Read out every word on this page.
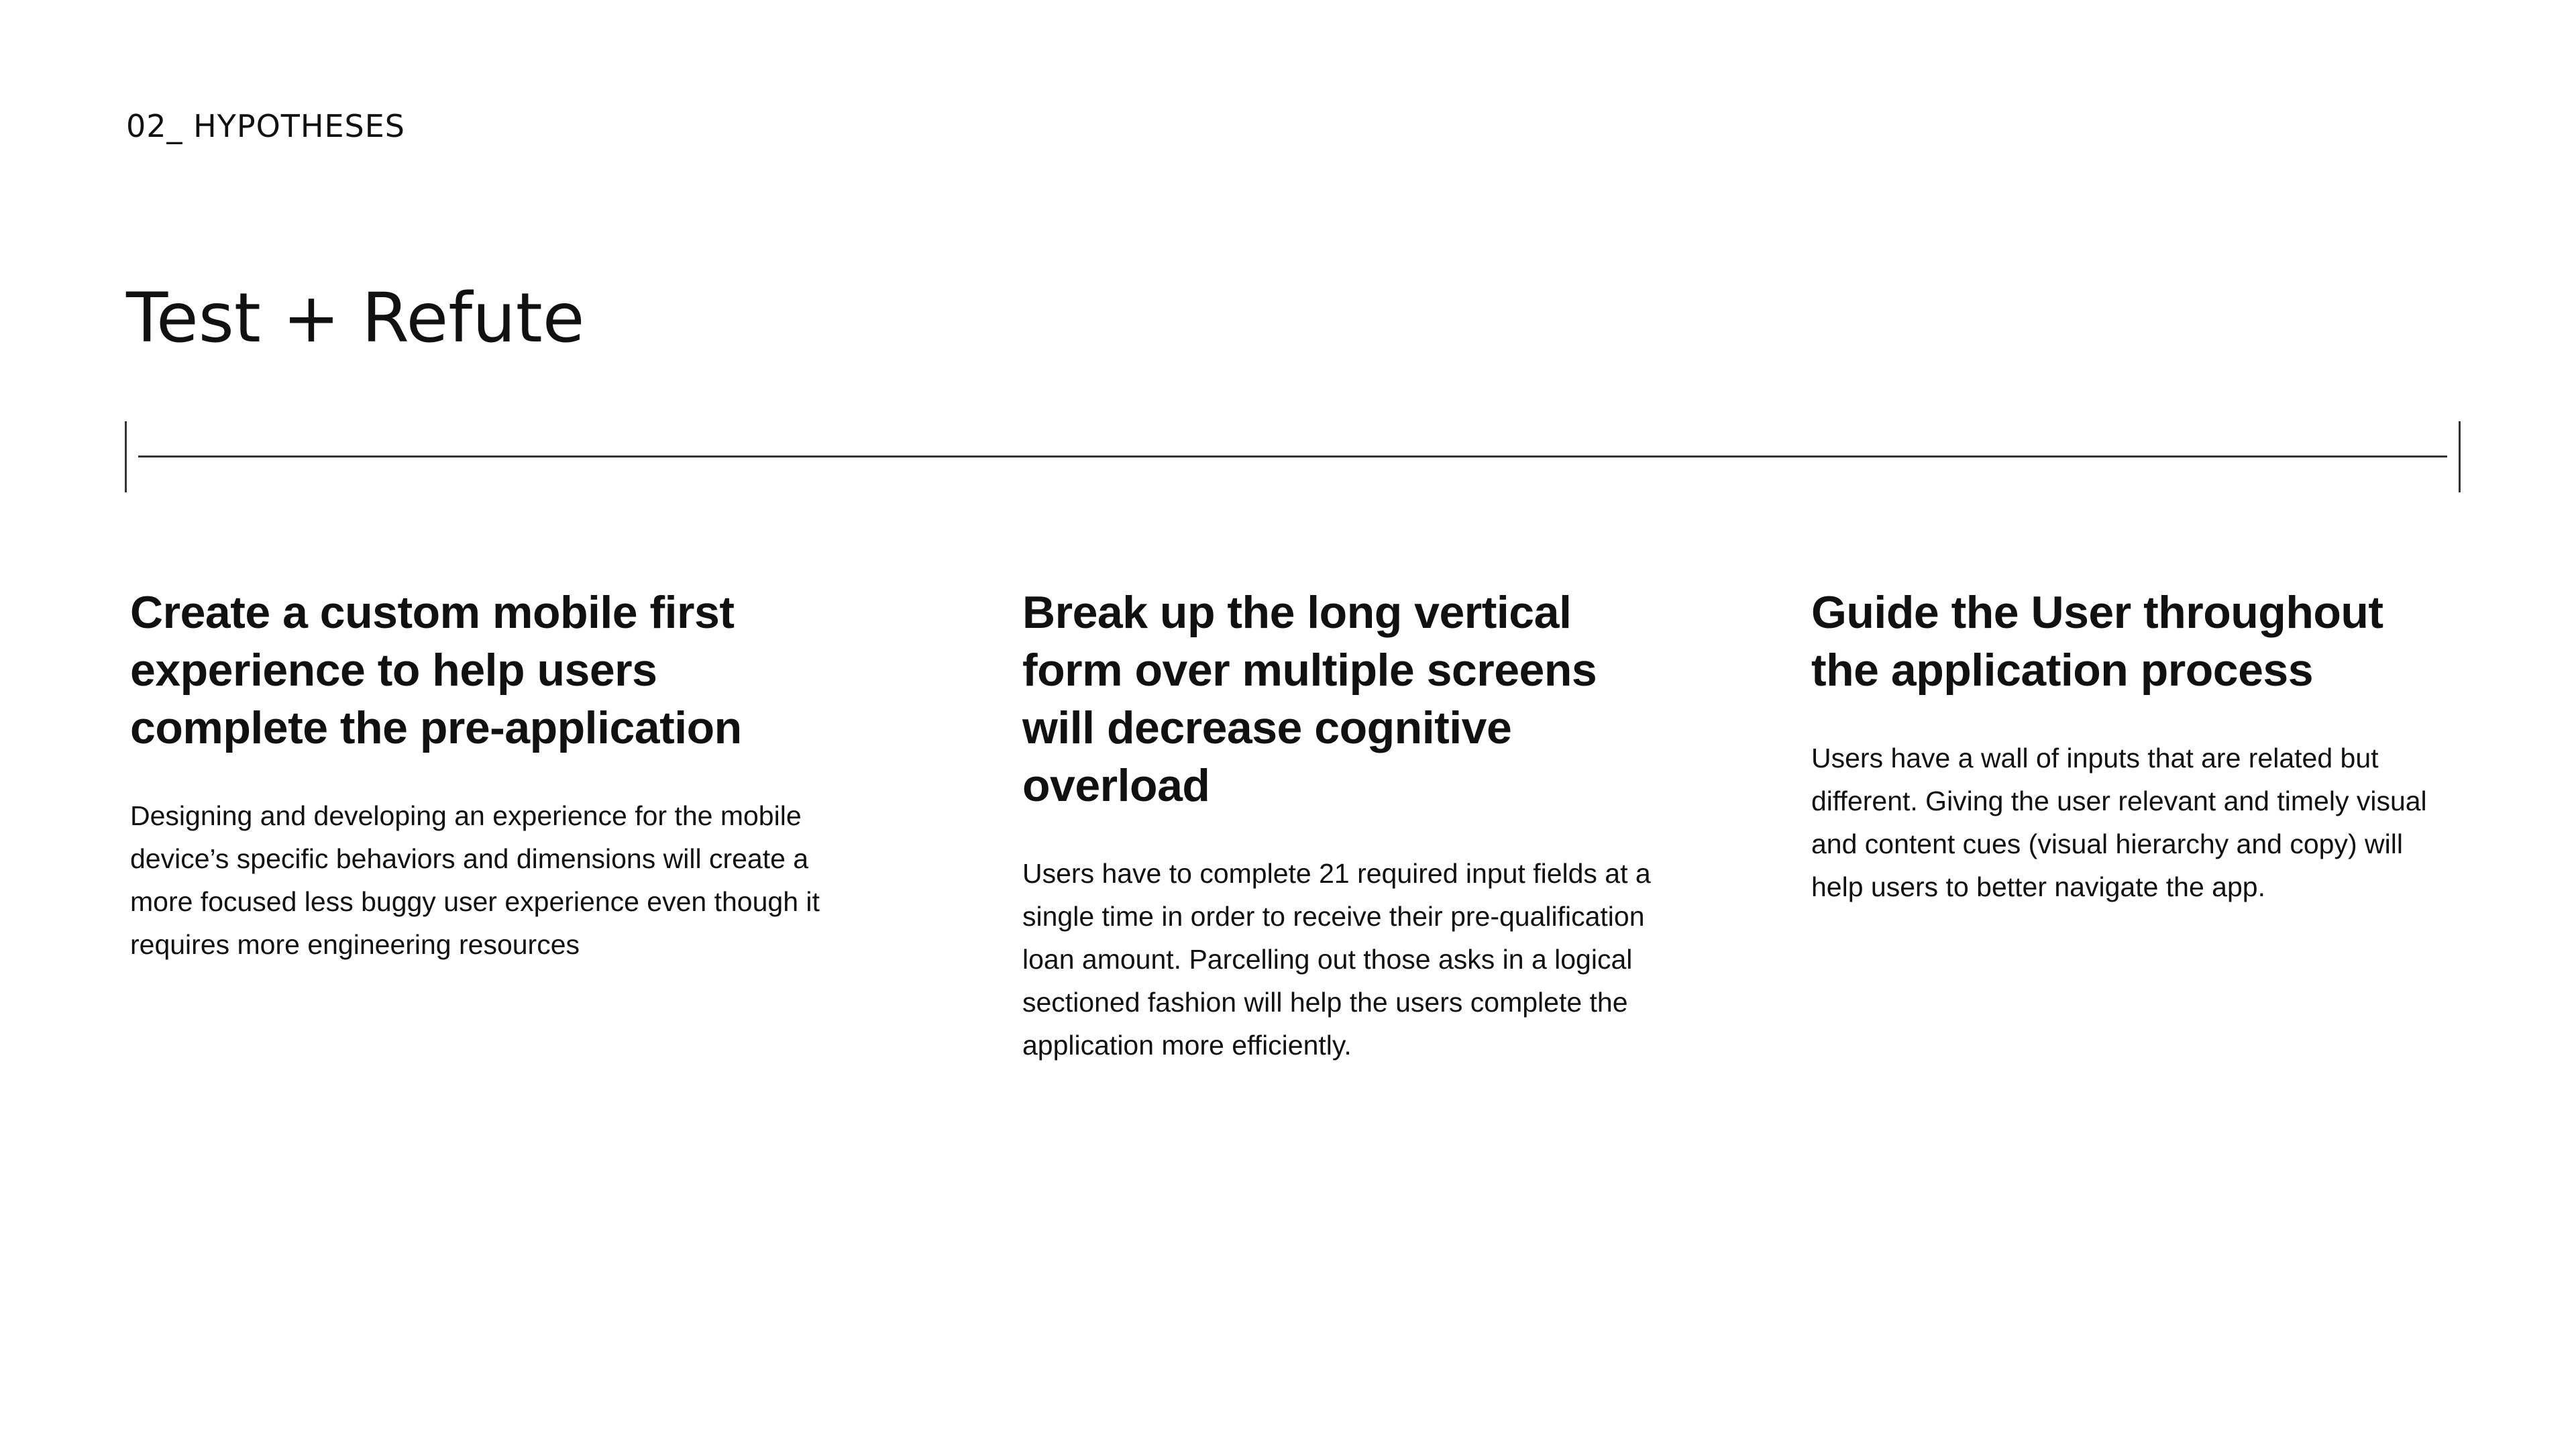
02_ HYPOTHESES
Test + Refute
Create a custom mobile first experience to help users complete the pre-application

Designing and developing an experience for the mobile device’s specific behaviors and dimensions will create a more focused less buggy user experience even though it requires more engineering resources

Break up the long vertical form over multiple screens will decrease cognitive overload

Users have to complete 21 required input fields at a single time in order to receive their pre-qualification loan amount. Parcelling out those asks in a logical sectioned fashion will help the users complete the application more efficiently.

Guide the User throughout the application process

Users have a wall of inputs that are related but different. Giving the user relevant and timely visual and content cues (visual hierarchy and copy) will help users to better navigate the app.
